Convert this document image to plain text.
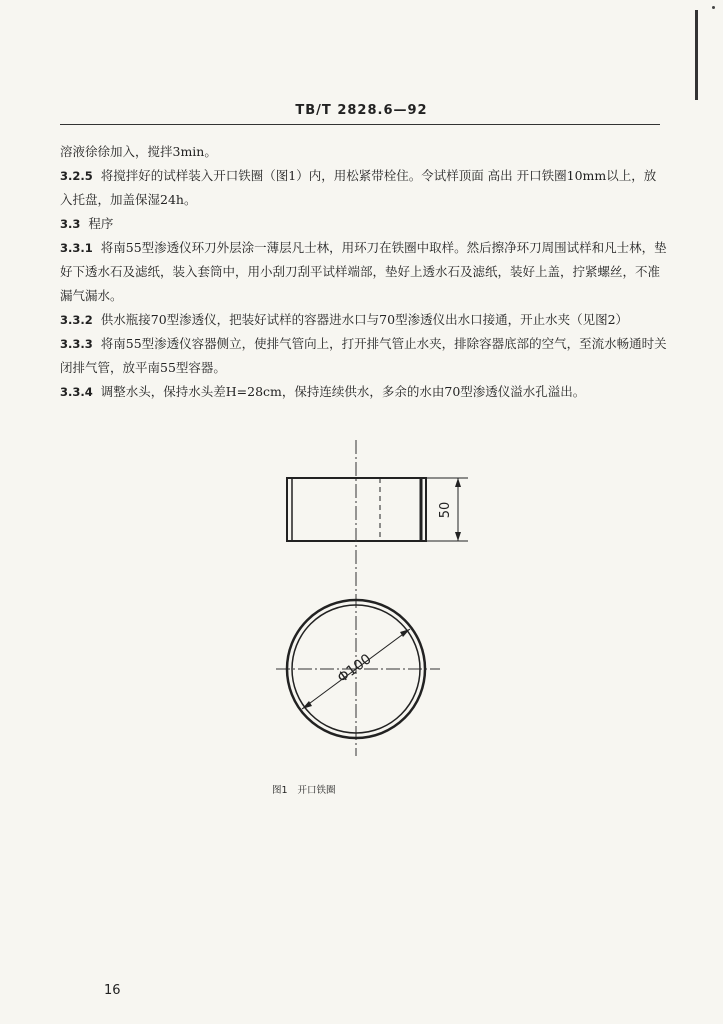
TB/T 2828.6—92

溶液徐徐加入，搅拌3min。

3.2.5 将搅拌好的试样装入开口铁圈（图1）内，用松紧带栓住。令试样顶面 高出 开口铁圈10mm以上，放入托盘，加盖保湿24h。

3.3 程序

3.3.1 将南55型渗透仪环刀外层涂一薄层凡士林，用环刀在铁圈中取样。然后擦净环刀周围试样和凡士林，垫好下透水石及滤纸，装入套筒中，用小刮刀刮平试样端部，垫好上透水石及滤纸，装好上盖，拧紧螺丝，不准漏气漏水。

3.3.2 供水瓶接70型渗透仪，把装好试样的容器进水口与70型渗透仪出水口接通，开止水夹（见图2）

3.3.3 将南55型渗透仪容器侧立，使排气管向上，打开排气管止水夹，排除容器底部的空气，至流水畅通时关闭排气管，放平南55型容器。

3.3.4 调整水头，保持水头差H=28cm，保持连续供水，多余的水由70型渗透仪溢水孔溢出。

50
Φ100
图1 开口铁圈
16
